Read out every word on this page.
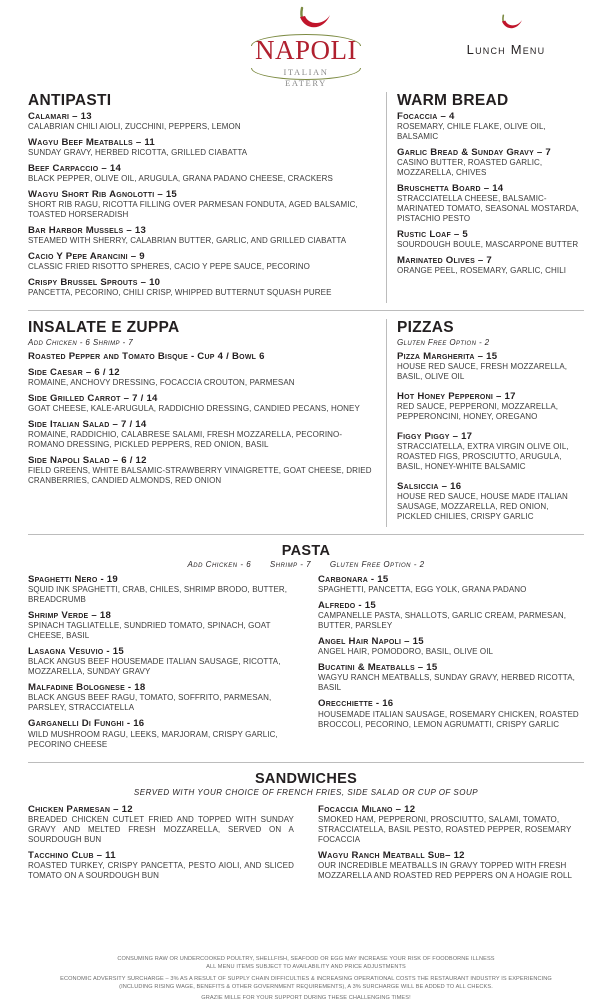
NAPOLI
ITALIAN
EATERY
Lunch Menu
ANTIPASTI
Calamari – 13
CALABRIAN CHILI AIOLI, ZUCCHINI, PEPPERS, LEMON
Wagyu Beef Meatballs – 11
SUNDAY GRAVY, HERBED RICOTTA, GRILLED CIABATTA
Beef Carpaccio – 14
BLACK PEPPER, OLIVE OIL, ARUGULA, GRANA PADANO CHEESE, CRACKERS
Wagyu Short Rib Agnolotti – 15
SHORT RIB RAGU, RICOTTA FILLING OVER PARMESAN FONDUTA, AGED BALSAMIC, TOASTED HORSERADISH
Bar Harbor Mussels – 13
STEAMED WITH SHERRY, CALABRIAN BUTTER, GARLIC, AND GRILLED CIABATTA
Cacio Y Pepe Arancini – 9
CLASSIC FRIED RISOTTO SPHERES, CACIO Y PEPE SAUCE, PECORINO
Crispy Brussel Sprouts – 10
PANCETTA, PECORINO, CHILI CRISP, WHIPPED BUTTERNUT SQUASH PUREE
WARM BREAD
Focaccia – 4
ROSEMARY, CHILE FLAKE, OLIVE OIL, BALSAMIC
Garlic Bread & Sunday Gravy – 7
CASINO BUTTER, ROASTED GARLIC, MOZZARELLA, CHIVES
Bruschetta Board – 14
STRACCIATELLA CHEESE, BALSAMIC-MARINATED TOMATO, SEASONAL MOSTARDA, PISTACHIO PESTO
Rustic Loaf – 5
SOURDOUGH BOULE, MASCARPONE BUTTER
Marinated Olives – 7
ORANGE PEEL, ROSEMARY, GARLIC, CHILI
INSALATE E ZUPPA
Add Chicken - 6 Shrimp - 7
Roasted Pepper and Tomato Bisque - Cup 4 / Bowl 6
Side Caesar – 6 / 12
ROMAINE, ANCHOVY DRESSING, FOCACCIA CROUTON, PARMESAN
Side Grilled Carrot – 7 / 14
GOAT CHEESE, KALE-ARUGULA, RADDICHIO DRESSING, CANDIED PECANS, HONEY
Side Italian Salad – 7 / 14
ROMAINE, RADDICHIO, CALABRESE SALAMI, FRESH MOZZARELLA, PECORINO-ROMANO DRESSING, PICKLED PEPPERS, RED ONION, BASIL
Side Napoli Salad – 6 / 12
FIELD GREENS, WHITE BALSAMIC-STRAWBERRY VINAIGRETTE, GOAT CHEESE, DRIED CRANBERRIES, CANDIED ALMONDS, RED ONION
PIZZAS
Gluten Free Option - 2
Pizza Margherita – 15
HOUSE RED SAUCE, FRESH MOZZARELLA, BASIL, OLIVE OIL
Hot Honey Pepperoni – 17
RED SAUCE, PEPPERONI, MOZZARELLA, PEPPERONCINI, HONEY, OREGANO
Figgy Piggy – 17
STRACCIATELLA, EXTRA VIRGIN OLIVE OIL, ROASTED FIGS, PROSCIUTTO, ARUGULA, BASIL, HONEY-WHITE BALSAMIC
Salsiccia – 16
HOUSE RED SAUCE, HOUSE MADE ITALIAN SAUSAGE, MOZZARELLA, RED ONION, PICKLED CHILIES, CRISPY GARLIC
PASTA
Add Chicken - 6 Shrimp - 7 Gluten Free Option - 2
Spaghetti Nero - 19
SQUID INK SPAGHETTI, CRAB, CHILES, SHRIMP BRODO, BUTTER, BREADCRUMB
Shrimp Verde – 18
SPINACH TAGLIATELLE, SUNDRIED TOMATO, SPINACH, GOAT CHEESE, BASIL
Lasagna Vesuvio - 15
BLACK ANGUS BEEF HOUSEMADE ITALIAN SAUSAGE, RICOTTA, MOZZARELLA, SUNDAY GRAVY
Malfadine Bolognese - 18
BLACK ANGUS BEEF RAGU, TOMATO, SOFFRITO, PARMESAN, PARSLEY, STRACCIATELLA
Garganelli Di Funghi - 16
WILD MUSHROOM RAGU, LEEKS, MARJORAM, CRISPY GARLIC, PECORINO CHEESE
Carbonara - 15
SPAGHETTI, PANCETTA, EGG YOLK, GRANA PADANO
Alfredo - 15
CAMPANELLE PASTA, SHALLOTS, GARLIC CREAM, PARMESAN, BUTTER, PARSLEY
Angel Hair Napoli – 15
ANGEL HAIR, POMODORO, BASIL, OLIVE OIL
Bucatini & Meatballs – 15
WAGYU RANCH MEATBALLS, SUNDAY GRAVY, HERBED RICOTTA, BASIL
Orecchiette - 16
HOUSEMADE ITALIAN SAUSAGE, ROSEMARY CHICKEN, ROASTED BROCCOLI, PECORINO, LEMON AGRUMATTI, CRISPY GARLIC
SANDWICHES
SERVED WITH YOUR CHOICE OF FRENCH FRIES, SIDE SALAD OR CUP OF SOUP
Chicken Parmesan – 12
BREADED CHICKEN CUTLET FRIED AND TOPPED WITH SUNDAY GRAVY AND MELTED FRESH MOZZARELLA, SERVED ON A SOURDOUGH BUN
Tacchino Club – 11
ROASTED TURKEY, CRISPY PANCETTA, PESTO AIOLI, AND SLICED TOMATO ON A SOURDOUGH BUN
Focaccia Milano – 12
SMOKED HAM, PEPPERONI, PROSCIUTTO, SALAMI, TOMATO, STRACCIATELLA, BASIL PESTO, ROASTED PEPPER, ROSEMARY FOCACCIA
Wagyu Ranch Meatball Sub– 12
OUR INCREDIBLE MEATBALLS IN GRAVY TOPPED WITH FRESH MOZZARELLA AND ROASTED RED PEPPERS ON A HOAGIE ROLL
CONSUMING RAW OR UNDERCOOKED POULTRY, SHELLFISH, SEAFOOD OR EGG MAY INCREASE YOUR RISK OF FOODBORNE ILLNESS
ALL MENU ITEMS SUBJECT TO AVAILABILITY AND PRICE ADJUSTMENTS
ECONOMIC ADVERSITY SURCHARGE – 3% AS A RESULT OF SUPPLY CHAIN DIFFICULTIES & INCREASING OPERATIONAL COSTS THE RESTAURANT INDUSTRY IS EXPERIENCING
(INCLUDING RISING WAGE, BENEFITS & OTHER GOVERNMENT REQUIREMENTS), A 3% SURCHARGE WILL BE ADDED TO ALL CHECKS.
GRAZIE MILLE FOR YOUR SUPPORT DURING THESE CHALLENGING TIMES!
